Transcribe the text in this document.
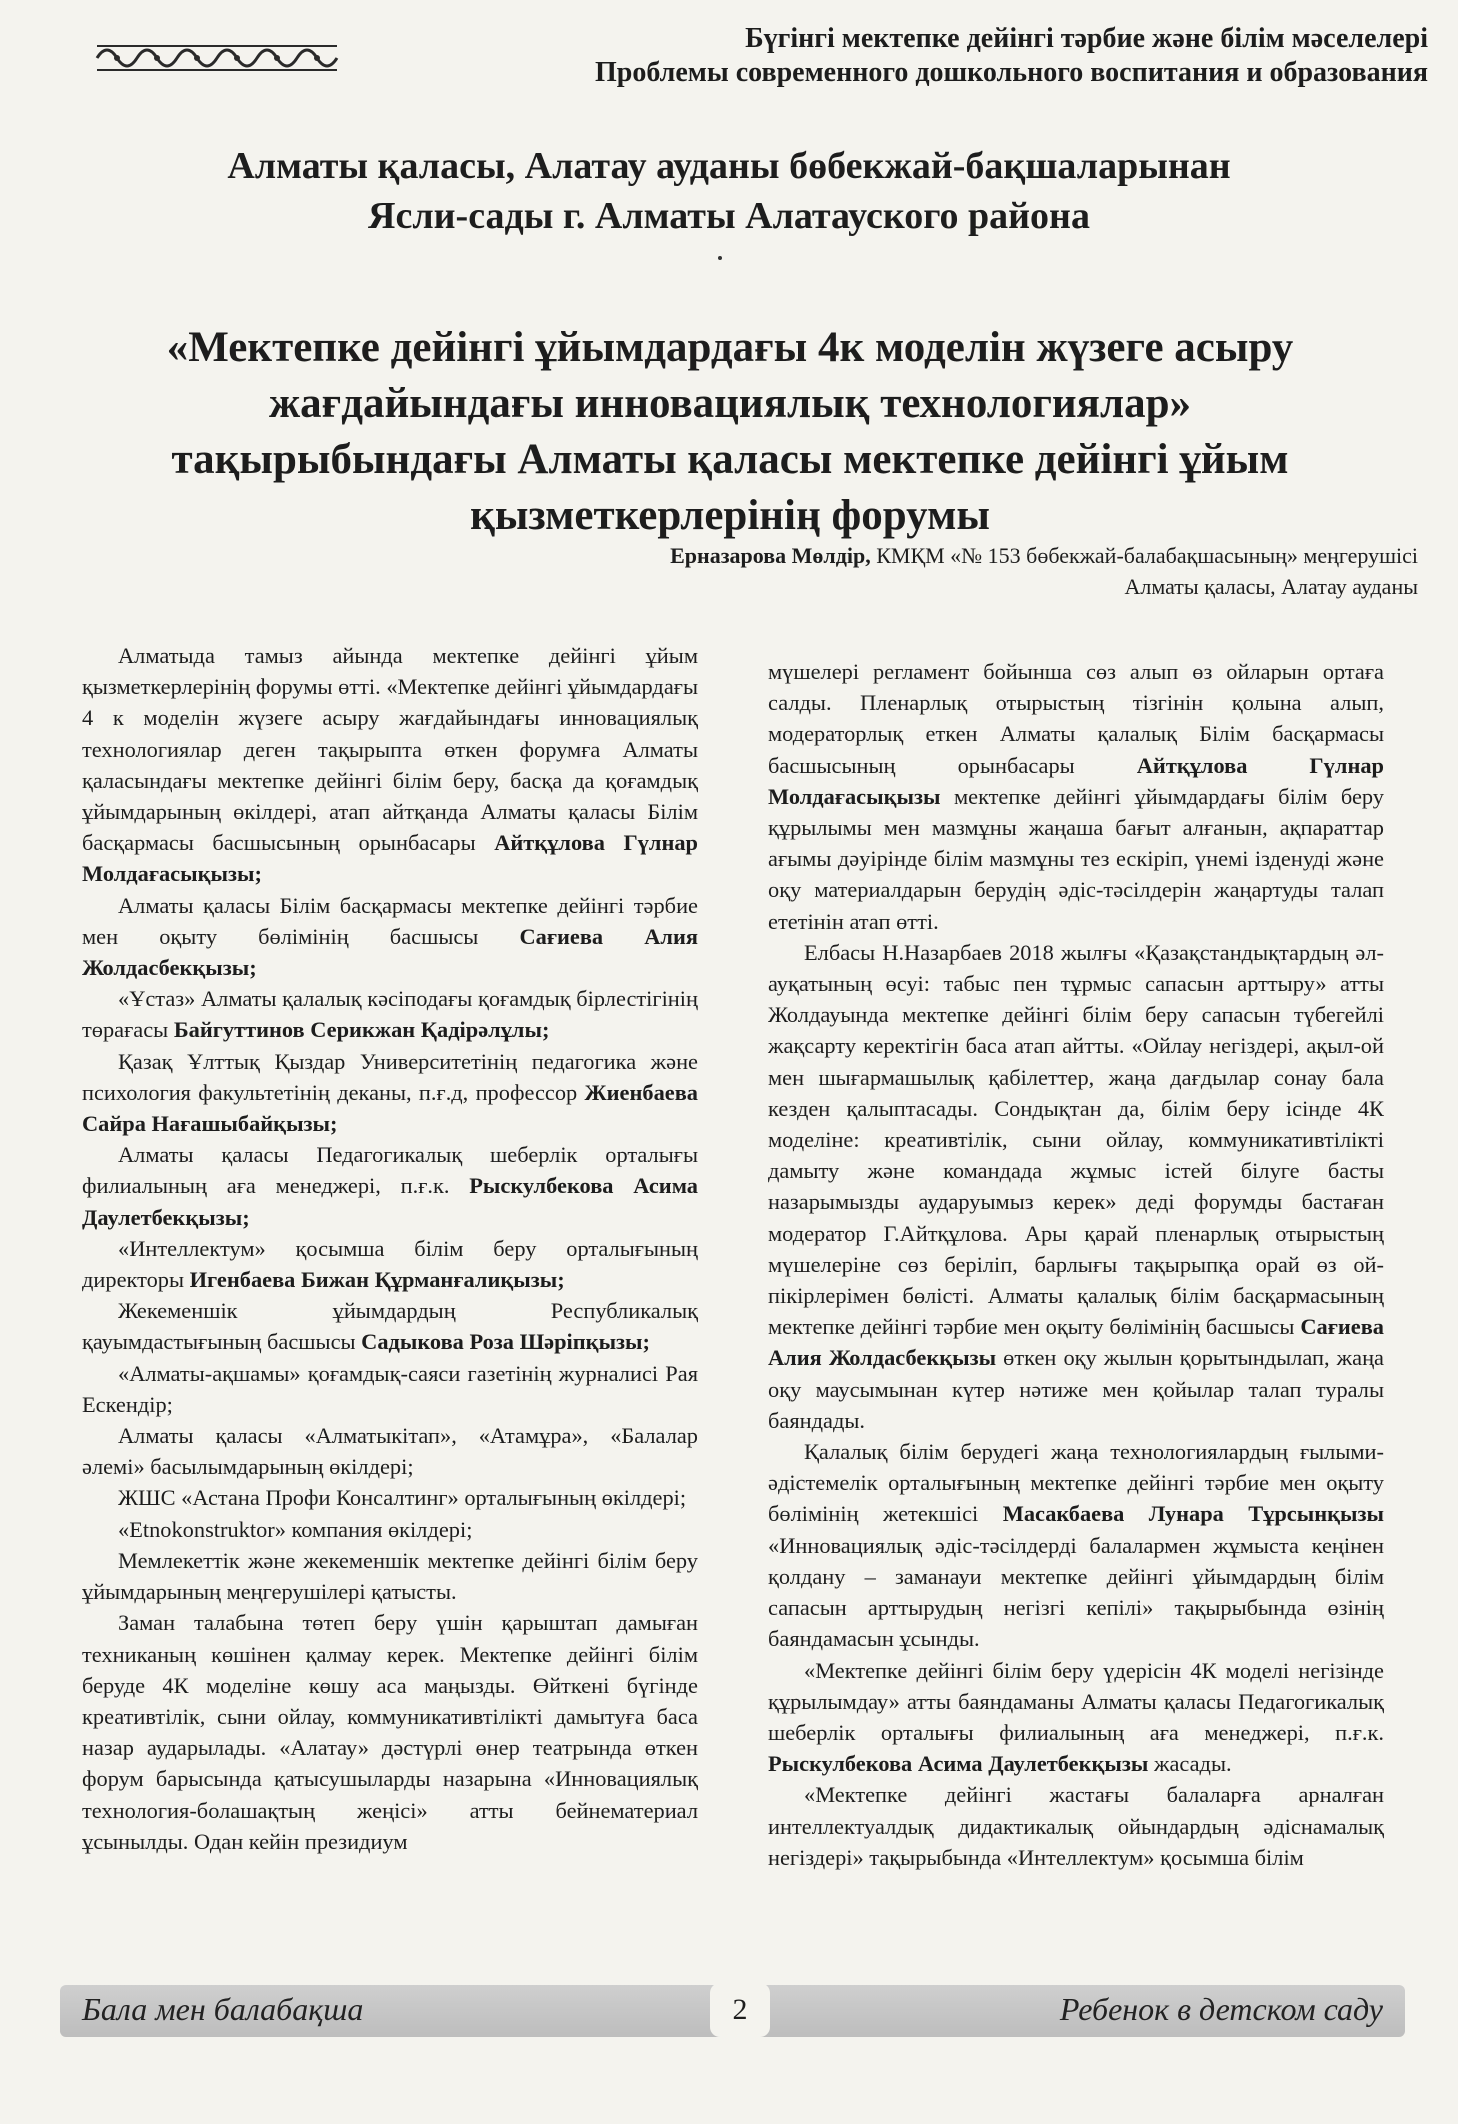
Бүгінгі мектепке дейінгі тәрбие және білім мәселелері
Проблемы современного дошкольного воспитания и образования
Алматы қаласы, Алатау ауданы бөбекжай-бақшаларынан
Ясли-сады г. Алматы Алатауского района
«Мектепке дейінгі ұйымдардағы 4к моделін жүзеге асыру жағдайындағы инновациялық технологиялар» тақырыбындағы Алматы қаласы мектепке дейінгі ұйым қызметкерлерінің форумы
Ерназарова Мөлдір, КМҚМ «№ 153 бөбекжай-балабақшасының» меңгерушісі
Алматы қаласы, Алатау ауданы

Алматыда тамыз айында мектепке дейінгі ұйым қызметкерлерінің форумы өтті. «Мектепке дейінгі ұйымдардағы 4 к моделін жүзеге асыру жағдайындағы инновациялық технологиялар деген тақырыпта өткен форумға Алматы қаласындағы мектепке дейінгі білім беру, басқа да қоғамдық ұйымдарының өкілдері, атап айтқанда Алматы қаласы Білім басқармасы басшысының орынбасары Айтқұлова Гүлнар Молдағасықызы;

Алматы қаласы Білім басқармасы мектепке дейінгі тәрбие мен оқыту бөлімінің басшысы Сағиева Алия Жолдасбекқызы;

«Ұстаз» Алматы қалалық кәсіподағы қоғамдық бірлестігінің төрағасы Байгуттинов Серикжан Қадірәлұлы;

Қазақ Ұлттық Қыздар Университетінің педагогика және психология факультетінің деканы, п.ғ.д, профессор Жиенбаева Сайра Нағашыбайқызы;

Алматы қаласы Педагогикалық шеберлік орталығы филиалының аға менеджері, п.ғ.к. Рыскулбекова Асима Даулетбекқызы;

«Интеллектум» қосымша білім беру орталығының директоры Игенбаева Бижан Құрманғалиқызы;

Жекеменшік ұйымдардың Республикалық қауымдастығының басшысы Садыкова Роза Шәріпқызы;

«Алматы-ақшамы» қоғамдық-саяси газетінің журналисі Рая Ескендір;

Алматы қаласы «Алматыкітап», «Атамұра», «Балалар әлемі» басылымдарының өкілдері;

ЖШС «Астана Профи Консалтинг» орталығының өкілдері;

«Etnokonstruktor» компания өкілдері;

Мемлекеттік және жекеменшік мектепке дейінгі білім беру ұйымдарының меңгерушілері қатысты.

Заман талабына төтеп беру үшін қарыштап дамыған техниканың көшінен қалмау керек. Мектепке дейінгі білім беруде 4К моделіне көшу аса маңызды. Өйткені бүгінде креативтілік, сыни ойлау, коммуникативтілікті дамытуға баса назар аударылады. «Алатау» дәстүрлі өнер театрында өткен форум барысында қатысушыларды назарына «Инновациялық технология-болашақтың жеңісі» атты бейнематериал ұсынылды. Одан кейін президиум

мүшелері регламент бойынша сөз алып өз ойларын ортаға салды. Пленарлық отырыстың тізгінін қолына алып, модераторлық еткен Алматы қалалық Білім басқармасы басшысының орынбасары Айтқұлова Гүлнар Молдағасықызы мектепке дейінгі ұйымдардағы білім беру құрылымы мен мазмұны жаңаша бағыт алғанын, ақпараттар ағымы дәуірінде білім мазмұны тез ескіріп, үнемі ізденуді және оқу материалдарын берудің әдіс-тәсілдерін жаңартуды талап ететінін атап өтті.

Елбасы Н.Назарбаев 2018 жылғы «Қазақстандықтардың әл-ауқатының өсуі: табыс пен тұрмыс сапасын арттыру» атты Жолдауында мектепке дейінгі білім беру сапасын түбегейлі жақсарту керектігін баса атап айтты. «Ойлау негіздері, ақыл-ой мен шығармашылық қабілеттер, жаңа дағдылар сонау бала кезден қалыптасады. Сондықтан да, білім беру ісінде 4К моделіне: креативтілік, сыни ойлау, коммуникативтілікті дамыту және командада жұмыс істей білуге басты назарымызды аударуымыз керек» деді форумды бастаған модератор Г.Айтқұлова. Ары қарай пленарлық отырыстың мүшелеріне сөз беріліп, барлығы тақырыпқа орай өз ой-пікірлерімен бөлісті. Алматы қалалық білім басқармасының мектепке дейінгі тәрбие мен оқыту бөлімінің басшысы Сағиева Алия Жолдасбекқызы өткен оқу жылын қорытындылап, жаңа оқу маусымынан күтер нәтиже мен қойылар талап туралы баяндады.

Қалалық білім берудегі жаңа технологиялардың ғылыми-әдістемелік орталығының мектепке дейінгі тәрбие мен оқыту бөлімінің жетекшісі Масакбаева Лунара Тұрсынқызы «Инновациялық әдіс-тәсілдерді балалармен жұмыста кеңінен қолдану – заманауи мектепке дейінгі ұйымдардың білім сапасын арттырудың негізгі кепілі» тақырыбында өзінің баяндамасын ұсынды.

«Мектепке дейінгі білім беру үдерісін 4К моделі негізінде құрылымдау» атты баяндаманы Алматы қаласы Педагогикалық шеберлік орталығы филиалының аға менеджері, п.ғ.к. Рыскулбекова Асима Даулетбекқызы жасады.

«Мектепке дейінгі жастағы балаларға арналған интеллектуалдық дидактикалық ойындардың әдіснамалық негіздері» тақырыбында «Интеллектум» қосымша білім

Бала мен балабақша	2	Ребенок в детском саду
